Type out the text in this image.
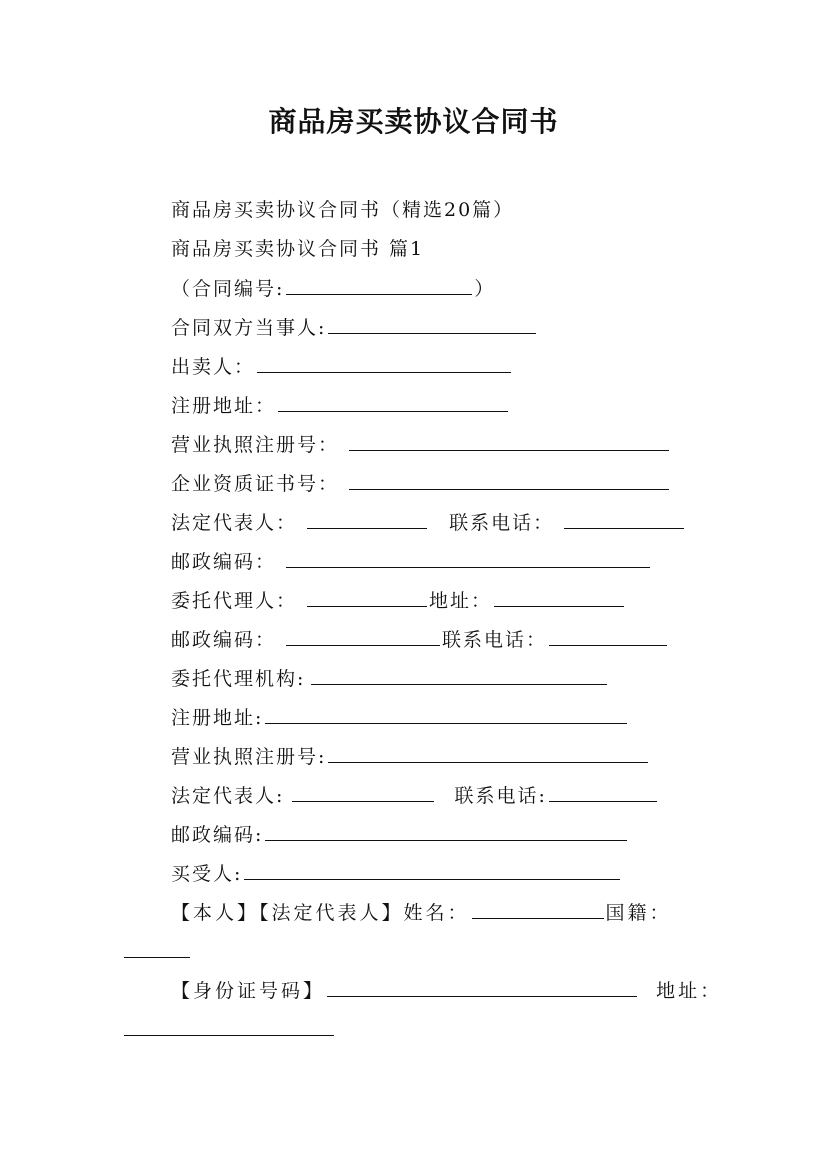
商品房买卖协议合同书
商品房买卖协议合同书（精选20篇）
商品房买卖协议合同书 篇1
（合同编号:	）
合同双方当事人:
出卖人：
注册地址：
营业执照注册号：
企业资质证书号：
法定代表人：	联系电话：
邮政编码：
委托代理人：	地址：
邮政编码：	联系电话：
委托代理机构:
注册地址:
营业执照注册号:
法定代表人:	联系电话:
邮政编码:
买受人:
【本人】【法定代表人】姓名：	国籍：
【身份证号码】	地址：
